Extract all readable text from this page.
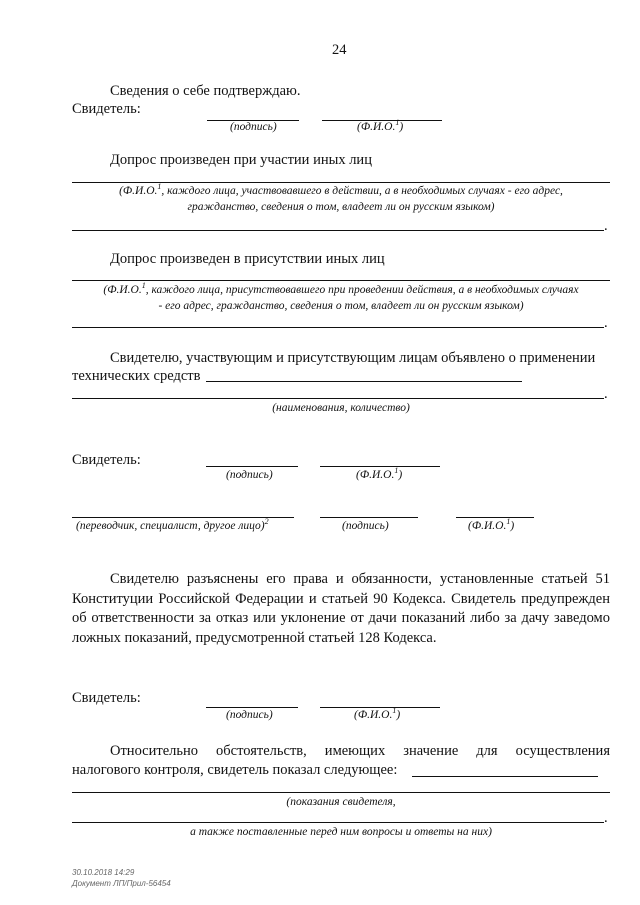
24
Сведения о себе подтверждаю.
Свидетель:
(подпись)	(Ф.И.О.$^1$)
Допрос произведен при участии иных лиц
(Ф.И.О.$^1$, каждого лица, участвовавшего в действии, а в необходимых случаях - его адрес,
гражданство, сведения о том, владеет ли он русским языком)
.
Допрос произведен в присутствии иных лиц
(Ф.И.О.$^1$, каждого лица, присутствовавшего при проведении действия, а в необходимых случаях
- его адрес, гражданство, сведения о том, владеет ли он русским языком)
.
Свидетелю, участвующим и присутствующим лицам объявлено о применении
технических средств
.
(наименования, количество)
Свидетель:
(подпись)	(Ф.И.О.$^1$)
(переводчик, специалист, другое лицо)$^2$	(подпись)	(Ф.И.О.$^1$)
Свидетелю разъяснены его права и обязанности, установленные статьей 51 Конституции Российской Федерации и статьей 90 Кодекса. Свидетель предупрежден об ответственности за отказ или уклонение от дачи показаний либо за дачу заведомо ложных показаний, предусмотренной статьей 128 Кодекса.
Свидетель:
(подпись)	(Ф.И.О.$^1$)
Относительно обстоятельств, имеющих значение для осуществления
налогового контроля, свидетель показал следующее:
(показания свидетеля,
.
а также поставленные перед ним вопросы и ответы на них)
30.10.2018 14:29
Документ ЛП/Прил-56454
